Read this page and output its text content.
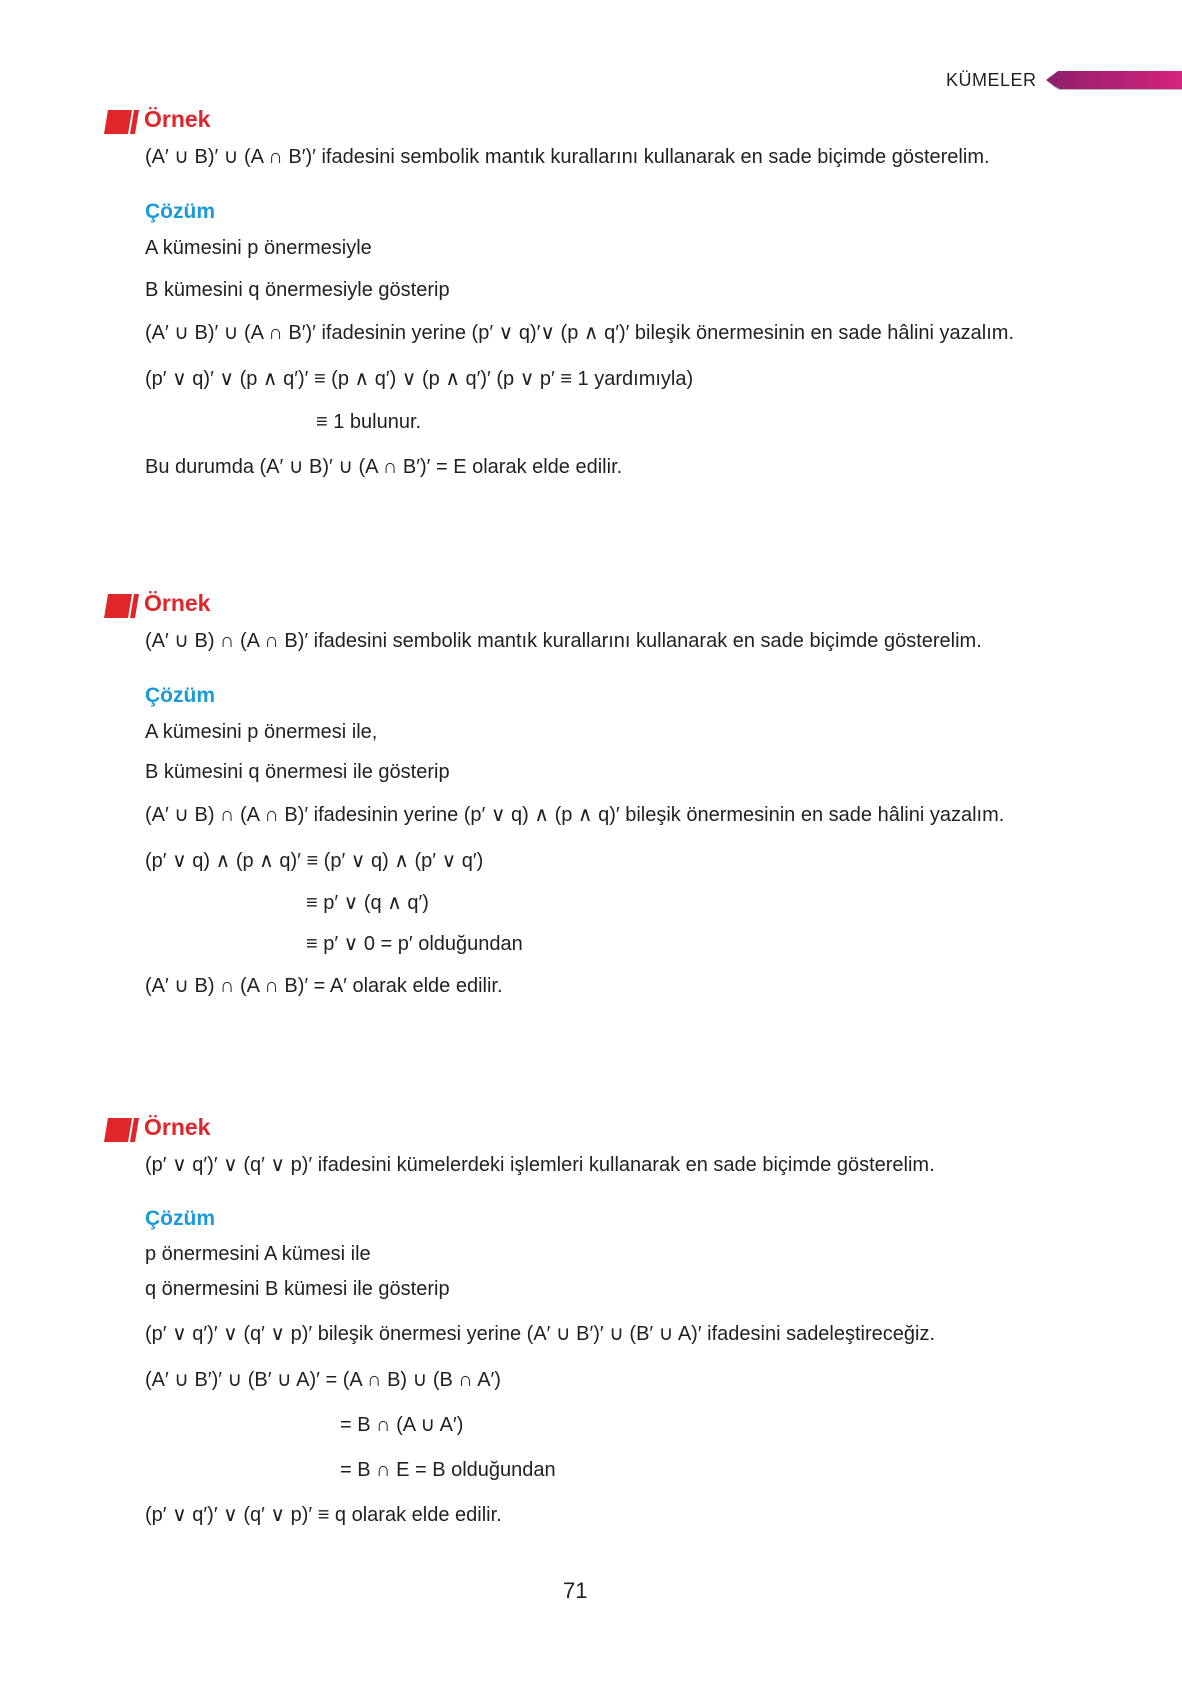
KÜMELER
Örnek
(A′ ∪ B)′ ∪ (A ∩ B′)′ ifadesini sembolik mantık kurallarını kullanarak en sade biçimde gösterelim.
Çözüm
A kümesini p önermesiyle
B kümesini q önermesiyle gösterip
(A′ ∪ B)′ ∪ (A ∩ B′)′ ifadesinin yerine (p′ ∨ q)′∨ (p ∧ q′)′ bileşik önermesinin en sade hâlini yazalım.
(p′ ∨ q)′ ∨ (p ∧ q′)′ ≡ (p ∧ q′) ∨ (p ∧ q′)′ (p ∨ p′ ≡ 1 yardımıyla)
≡ 1 bulunur.
Bu durumda (A′ ∪ B)′ ∪ (A ∩ B′)′ = E olarak elde edilir.
Örnek
(A′ ∪ B) ∩ (A ∩ B)′ ifadesini sembolik mantık kurallarını kullanarak en sade biçimde gösterelim.
Çözüm
A kümesini p önermesi ile,
B kümesini q önermesi ile gösterip
(A′ ∪ B) ∩ (A ∩ B)′ ifadesinin yerine (p′ ∨ q) ∧ (p ∧ q)′ bileşik önermesinin en sade hâlini yazalım.
(p′ ∨ q) ∧ (p ∧ q)′ ≡ (p′ ∨ q) ∧ (p′ ∨ q′)
≡ p′ ∨ (q ∧ q′)
≡ p′ ∨ 0 = p′ olduğundan
(A′ ∪ B) ∩ (A ∩ B)′ = A′ olarak elde edilir.
Örnek
(p′ ∨ q′)′ ∨ (q′ ∨ p)′ ifadesini kümelerdeki işlemleri kullanarak en sade biçimde gösterelim.
Çözüm
p önermesini A kümesi ile
q önermesini B kümesi ile gösterip
(p′ ∨ q′)′ ∨ (q′ ∨ p)′ bileşik önermesi yerine (A′ ∪ B′)′ ∪ (B′ ∪ A)′ ifadesini sadeleştireceğiz.
(A′ ∪ B′)′ ∪ (B′ ∪ A)′ = (A ∩ B) ∪ (B ∩ A′)
= B ∩ (A ∪ A′)
= B ∩ E = B olduğundan
(p′ ∨ q′)′ ∨ (q′ ∨ p)′ ≡ q olarak elde edilir.
71
